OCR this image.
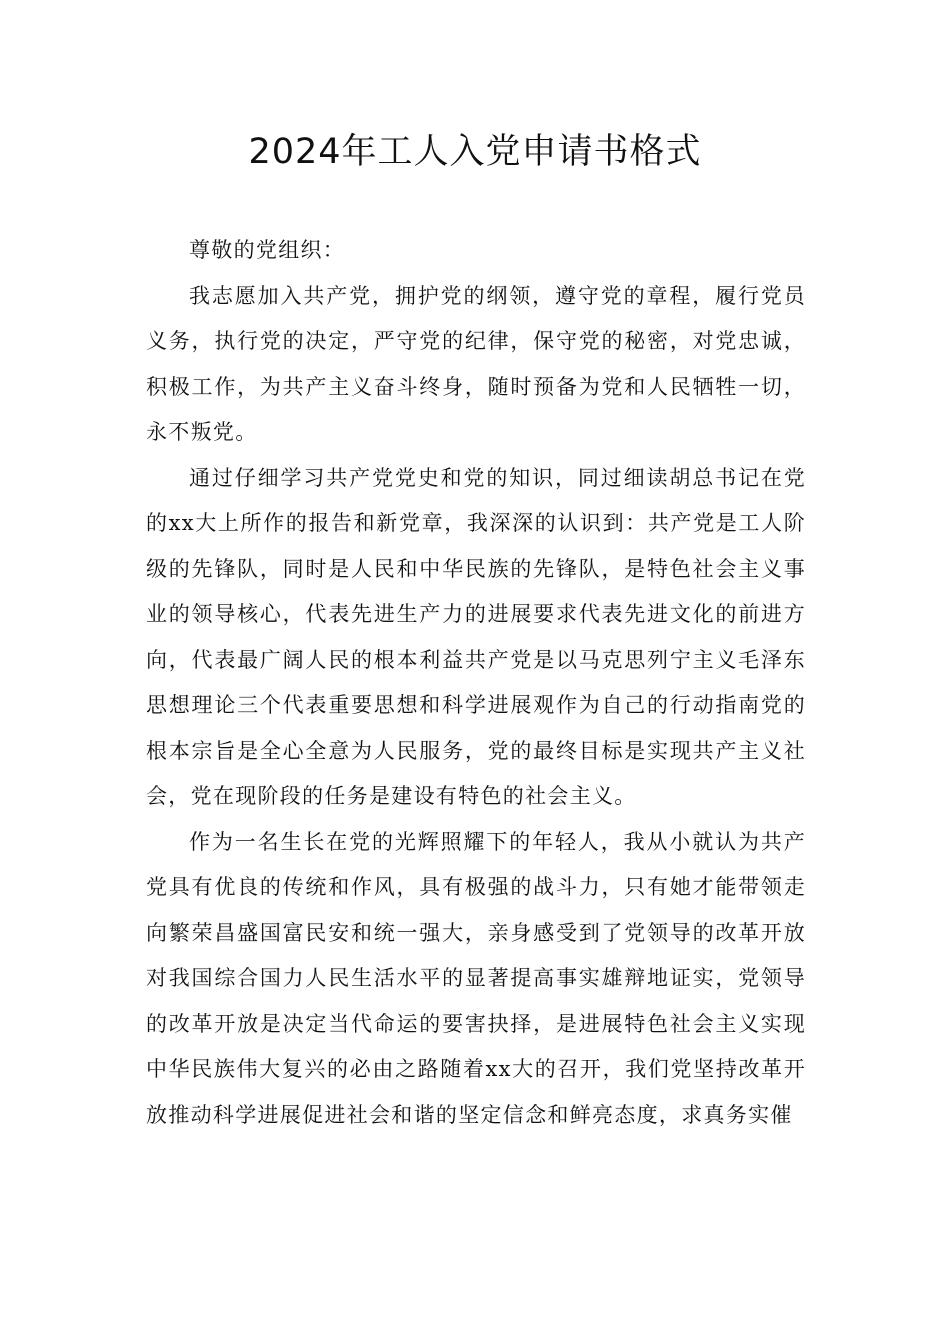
2024年工人入党申请书格式

尊敬的党组织：

我志愿加入共产党，拥护党的纲领，遵守党的章程，履行党员义务，执行党的决定，严守党的纪律，保守党的秘密，对党忠诚，积极工作，为共产主义奋斗终身，随时预备为党和人民牺牲一切，永不叛党。

通过仔细学习共产党党史和党的知识，同过细读胡总书记在党的xx大上所作的报告和新党章，我深深的认识到：共产党是工人阶级的先锋队，同时是人民和中华民族的先锋队，是特色社会主义事业的领导核心，代表先进生产力的进展要求代表先进文化的前进方向，代表最广阔人民的根本利益共产党是以马克思列宁主义毛泽东思想理论三个代表重要思想和科学进展观作为自己的行动指南党的根本宗旨是全心全意为人民服务，党的最终目标是实现共产主义社会，党在现阶段的任务是建设有特色的社会主义。

作为一名生长在党的光辉照耀下的年轻人，我从小就认为共产党具有优良的传统和作风，具有极强的战斗力，只有她才能带领走向繁荣昌盛国富民安和统一强大，亲身感受到了党领导的改革开放对我国综合国力人民生活水平的显著提高事实雄辩地证实，党领导的改革开放是决定当代命运的要害抉择，是进展特色社会主义实现中华民族伟大复兴的必由之路随着xx大的召开，我们党坚持改革开放推动科学进展促进社会和谐的坚定信念和鲜亮态度，求真务实催
